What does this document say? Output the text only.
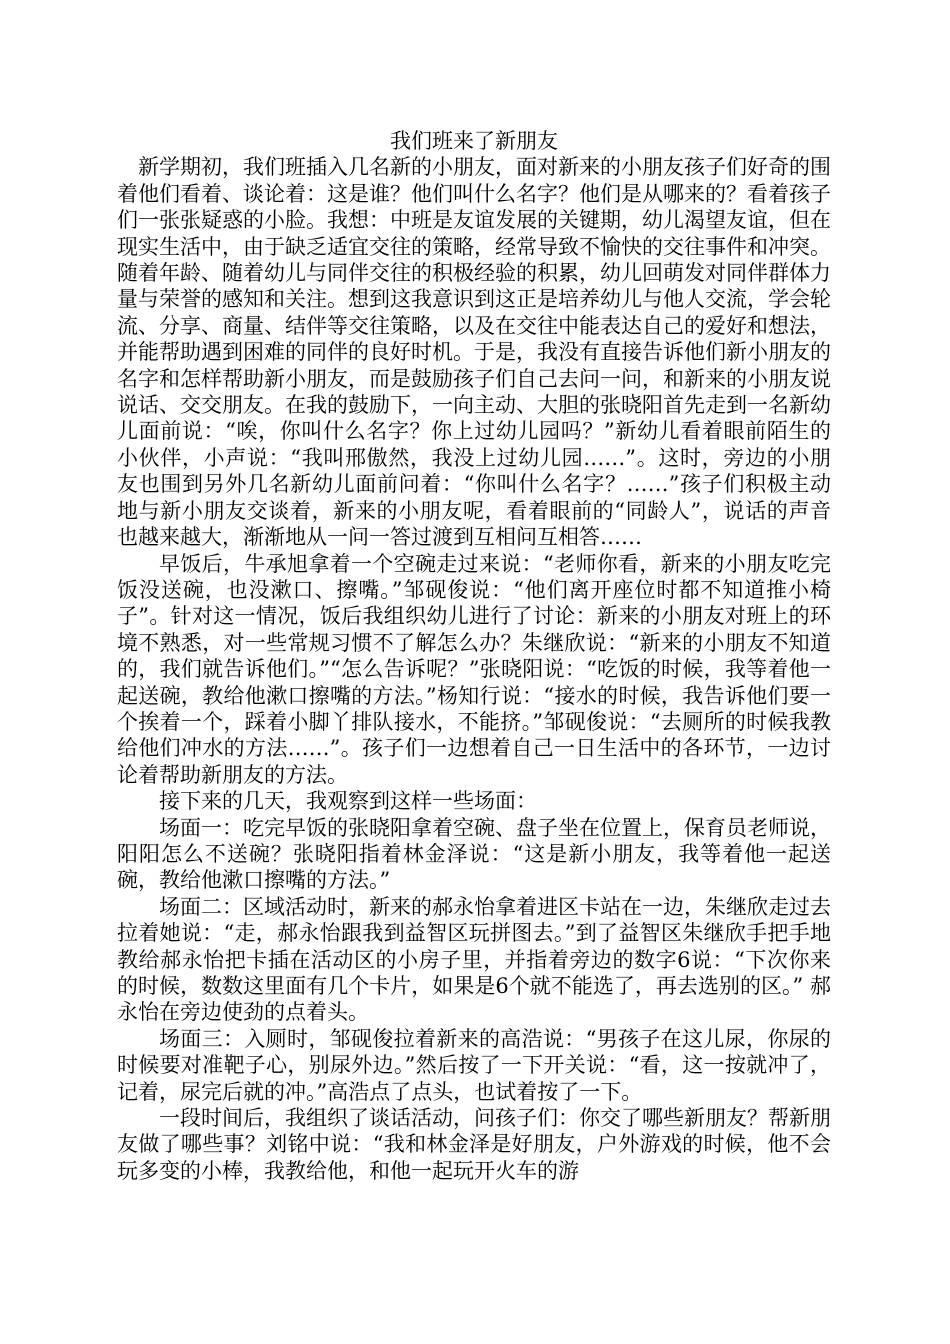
我们班来了新朋友

新学期初，我们班插入几名新的小朋友，面对新来的小朋友孩子们好奇的围着他们看着、谈论着：这是谁？他们叫什么名字？他们是从哪来的？看着孩子们一张张疑惑的小脸。我想：中班是友谊发展的关键期，幼儿渴望友谊，但在现实生活中，由于缺乏适宜交往的策略，经常导致不愉快的交往事件和冲突。随着年龄、随着幼儿与同伴交往的积极经验的积累，幼儿回萌发对同伴群体力量与荣誉的感知和关注。想到这我意识到这正是培养幼儿与他人交流，学会轮流、分享、商量、结伴等交往策略，以及在交往中能表达自己的爱好和想法，并能帮助遇到困难的同伴的良好时机。于是，我没有直接告诉他们新小朋友的名字和怎样帮助新小朋友，而是鼓励孩子们自己去问一问，和新来的小朋友说说话、交交朋友。在我的鼓励下，一向主动、大胆的张晓阳首先走到一名新幼儿面前说：“唉，你叫什么名字？你上过幼儿园吗？”新幼儿看着眼前陌生的小伙伴，小声说：“我叫邢傲然，我没上过幼儿园……”。这时，旁边的小朋友也围到另外几名新幼儿面前问着：“你叫什么名字？……”孩子们积极主动地与新小朋友交谈着，新来的小朋友呢，看着眼前的“同龄人”，说话的声音也越来越大，渐渐地从一问一答过渡到互相问互相答……

早饭后，牛承旭拿着一个空碗走过来说：“老师你看，新来的小朋友吃完饭没送碗，也没漱口、擦嘴。”邹砚俊说：“他们离开座位时都不知道推小椅子”。针对这一情况，饭后我组织幼儿进行了讨论：新来的小朋友对班上的环境不熟悉，对一些常规习惯不了解怎么办？朱继欣说：“新来的小朋友不知道的，我们就告诉他们。”“怎么告诉呢？”张晓阳说：“吃饭的时候，我等着他一起送碗，教给他漱口擦嘴的方法。”杨知行说：“接水的时候，我告诉他们要一个挨着一个，踩着小脚丫排队接水，不能挤。”邹砚俊说：“去厕所的时候我教给他们冲水的方法……”。孩子们一边想着自己一日生活中的各环节，一边讨论着帮助新朋友的方法。

接下来的几天，我观察到这样一些场面：

场面一：吃完早饭的张晓阳拿着空碗、盘子坐在位置上，保育员老师说，阳阳怎么不送碗？张晓阳指着林金泽说：“这是新小朋友，我等着他一起送碗，教给他漱口擦嘴的方法。”

场面二：区域活动时，新来的郝永怡拿着进区卡站在一边，朱继欣走过去拉着她说：“走，郝永怡跟我到益智区玩拼图去。”到了益智区朱继欣手把手地教给郝永怡把卡插在活动区的小房子里，并指着旁边的数字6说：“下次你来的时候，数数这里面有几个卡片，如果是6个就不能选了，再去选别的区。” 郝永怡在旁边使劲的点着头。

场面三：入厕时，邹砚俊拉着新来的高浩说：“男孩子在这儿尿，你尿的时候要对准靶子心，别尿外边。”然后按了一下开关说：“看，这一按就冲了，记着，尿完后就的冲。”高浩点了点头，也试着按了一下。

一段时间后，我组织了谈话活动，问孩子们：你交了哪些新朋友？帮新朋友做了哪些事？刘铭中说：“我和林金泽是好朋友，户外游戏的时候，他不会玩多变的小棒，我教给他，和他一起玩开火车的游
